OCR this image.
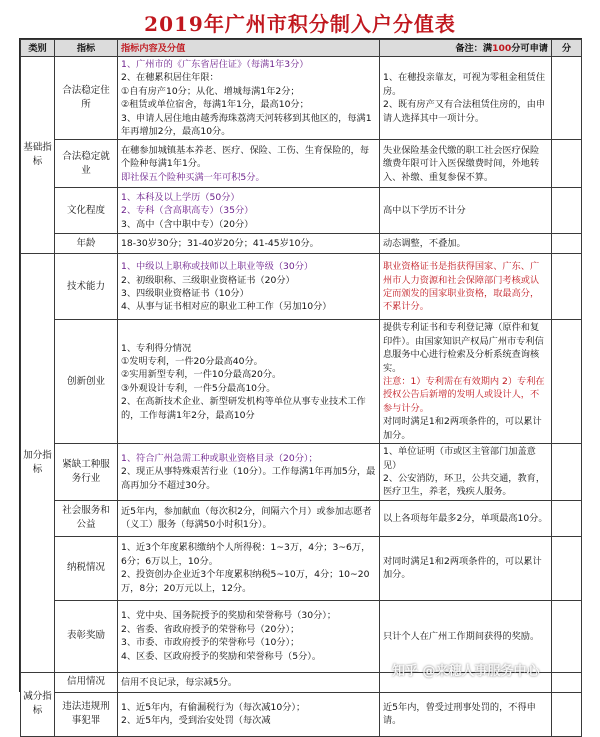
2019年广州市积分制入户分值表
类别	指标	指标内容及分值	备注：满100分可申请	分
基础指标	合法稳定住所	1、广州市的《广东省居住证》（每满1年3分）
2、在穗累积居住年限：
①自有房产10分；从化、增城每满1年2分；
②租赁或单位宿舍，每满1年1分，最高10分；
3、申请人居住地由越秀海珠荔湾天河转移到其他区的，每满1年再增加2分，最高10分。	1、在穗投亲靠友，可视为零租金租赁住房。
2、既有房产又有合法租赁住房的，由申请人选择其中一项计分。	

	合法稳定就业	在穗参加城镇基本养老、医疗、保险、工伤、生育保险的，每个险种每满1年1分。
即社保五个险种买满一年可积5分。	失业保险基金代缴的职工社会医疗保险缴费年限可计入医保缴费时间，外地转入、补缴、重复参保不算。	

	文化程度	1、本科及以上学历（50分）
2、专科（含高职高专）（35分）
3、高中（含中职中专）（20分）	高中以下学历不计分	

	年龄	18-30岁30分；31-40岁20分；41-45岁10分。	动态调整，不叠加。	

加分指标	技术能力	1、中级以上职称或技师以上职业等级（30分）
2、初级职称、三级职业资格证书（20分）
3、四级职业资格证书（10分）
4、从事与证书相对应的职业工种工作（另加10分）	职业资格证书是指获得国家、广东、广州市人力资源和社会保障部门考核或认定而颁发的国家职业资格，取最高分，不累计分。	

	创新创业	1、专利得分情况
①发明专利，一件20分最高40分。
②实用新型专利，一件10分最高20分。
③外观设计专利，一件5分最高10分。
2、在高新技术企业、新型研发机构等单位从事专业技术工作的，工作每满1年2分，最高10分	提供专利证书和专利登记簿（原件和复印件）。由国家知识产权局广州市专利信息服务中心进行检索及分析系统查询核实。
注意：1）专利需在有效期内 2）专利在授权公告后新增的发明人或设计人，不参与计分。
对同时满足1和2两项条件的，可以累计加分。	

	紧缺工种服务行业	1、符合广州急需工种或职业资格目录（20分）；
2、现正从事特殊艰苦行业（10分）。工作每满1年再加5分，最高再加分不超过30分。	1、单位证明（市或区主管部门加盖意见）
2、公安消防，环卫，公共交通，教育，医疗卫生，养老，残疾人服务。	

	社会服务和公益	近5年内，参加献血（每次积2分，间隔六个月）或参加志愿者（义工）服务（每满50小时积1分）。	以上各项每年最多2分，单项最高10分。	

	纳税情况	1、近3个年度累积缴纳个人所得税：1~3万，4分；3~6万，6分；6万以上，10分。
2、投资创办企业近3个年度累积纳税5~10万，4分；10~20万，8分；20万元以上，12分。	对同时满足1和2两项条件的，可以累计加分。	

	表彰奖励	1、党中央、国务院授予的奖励和荣誉称号（30分）；
2、省委、省政府授予的荣誉称号（20分）；
3、市委、市政府授予的荣誉称号（10分）；
4、区委、区政府授予的奖励和荣誉称号（5分）。	只计个人在广州工作期间获得的奖励。	

减分指标	信用情况	信用不良记录，每宗减5分。		

	违法违规刑事犯罪	1、近5年内，有偷漏税行为（每次减10分）；
2、近5年内，受到治安处罚（每次减	近5年内，曾受过刑事处罚的，不得申请。	

知乎 @来穗人事服务中心
